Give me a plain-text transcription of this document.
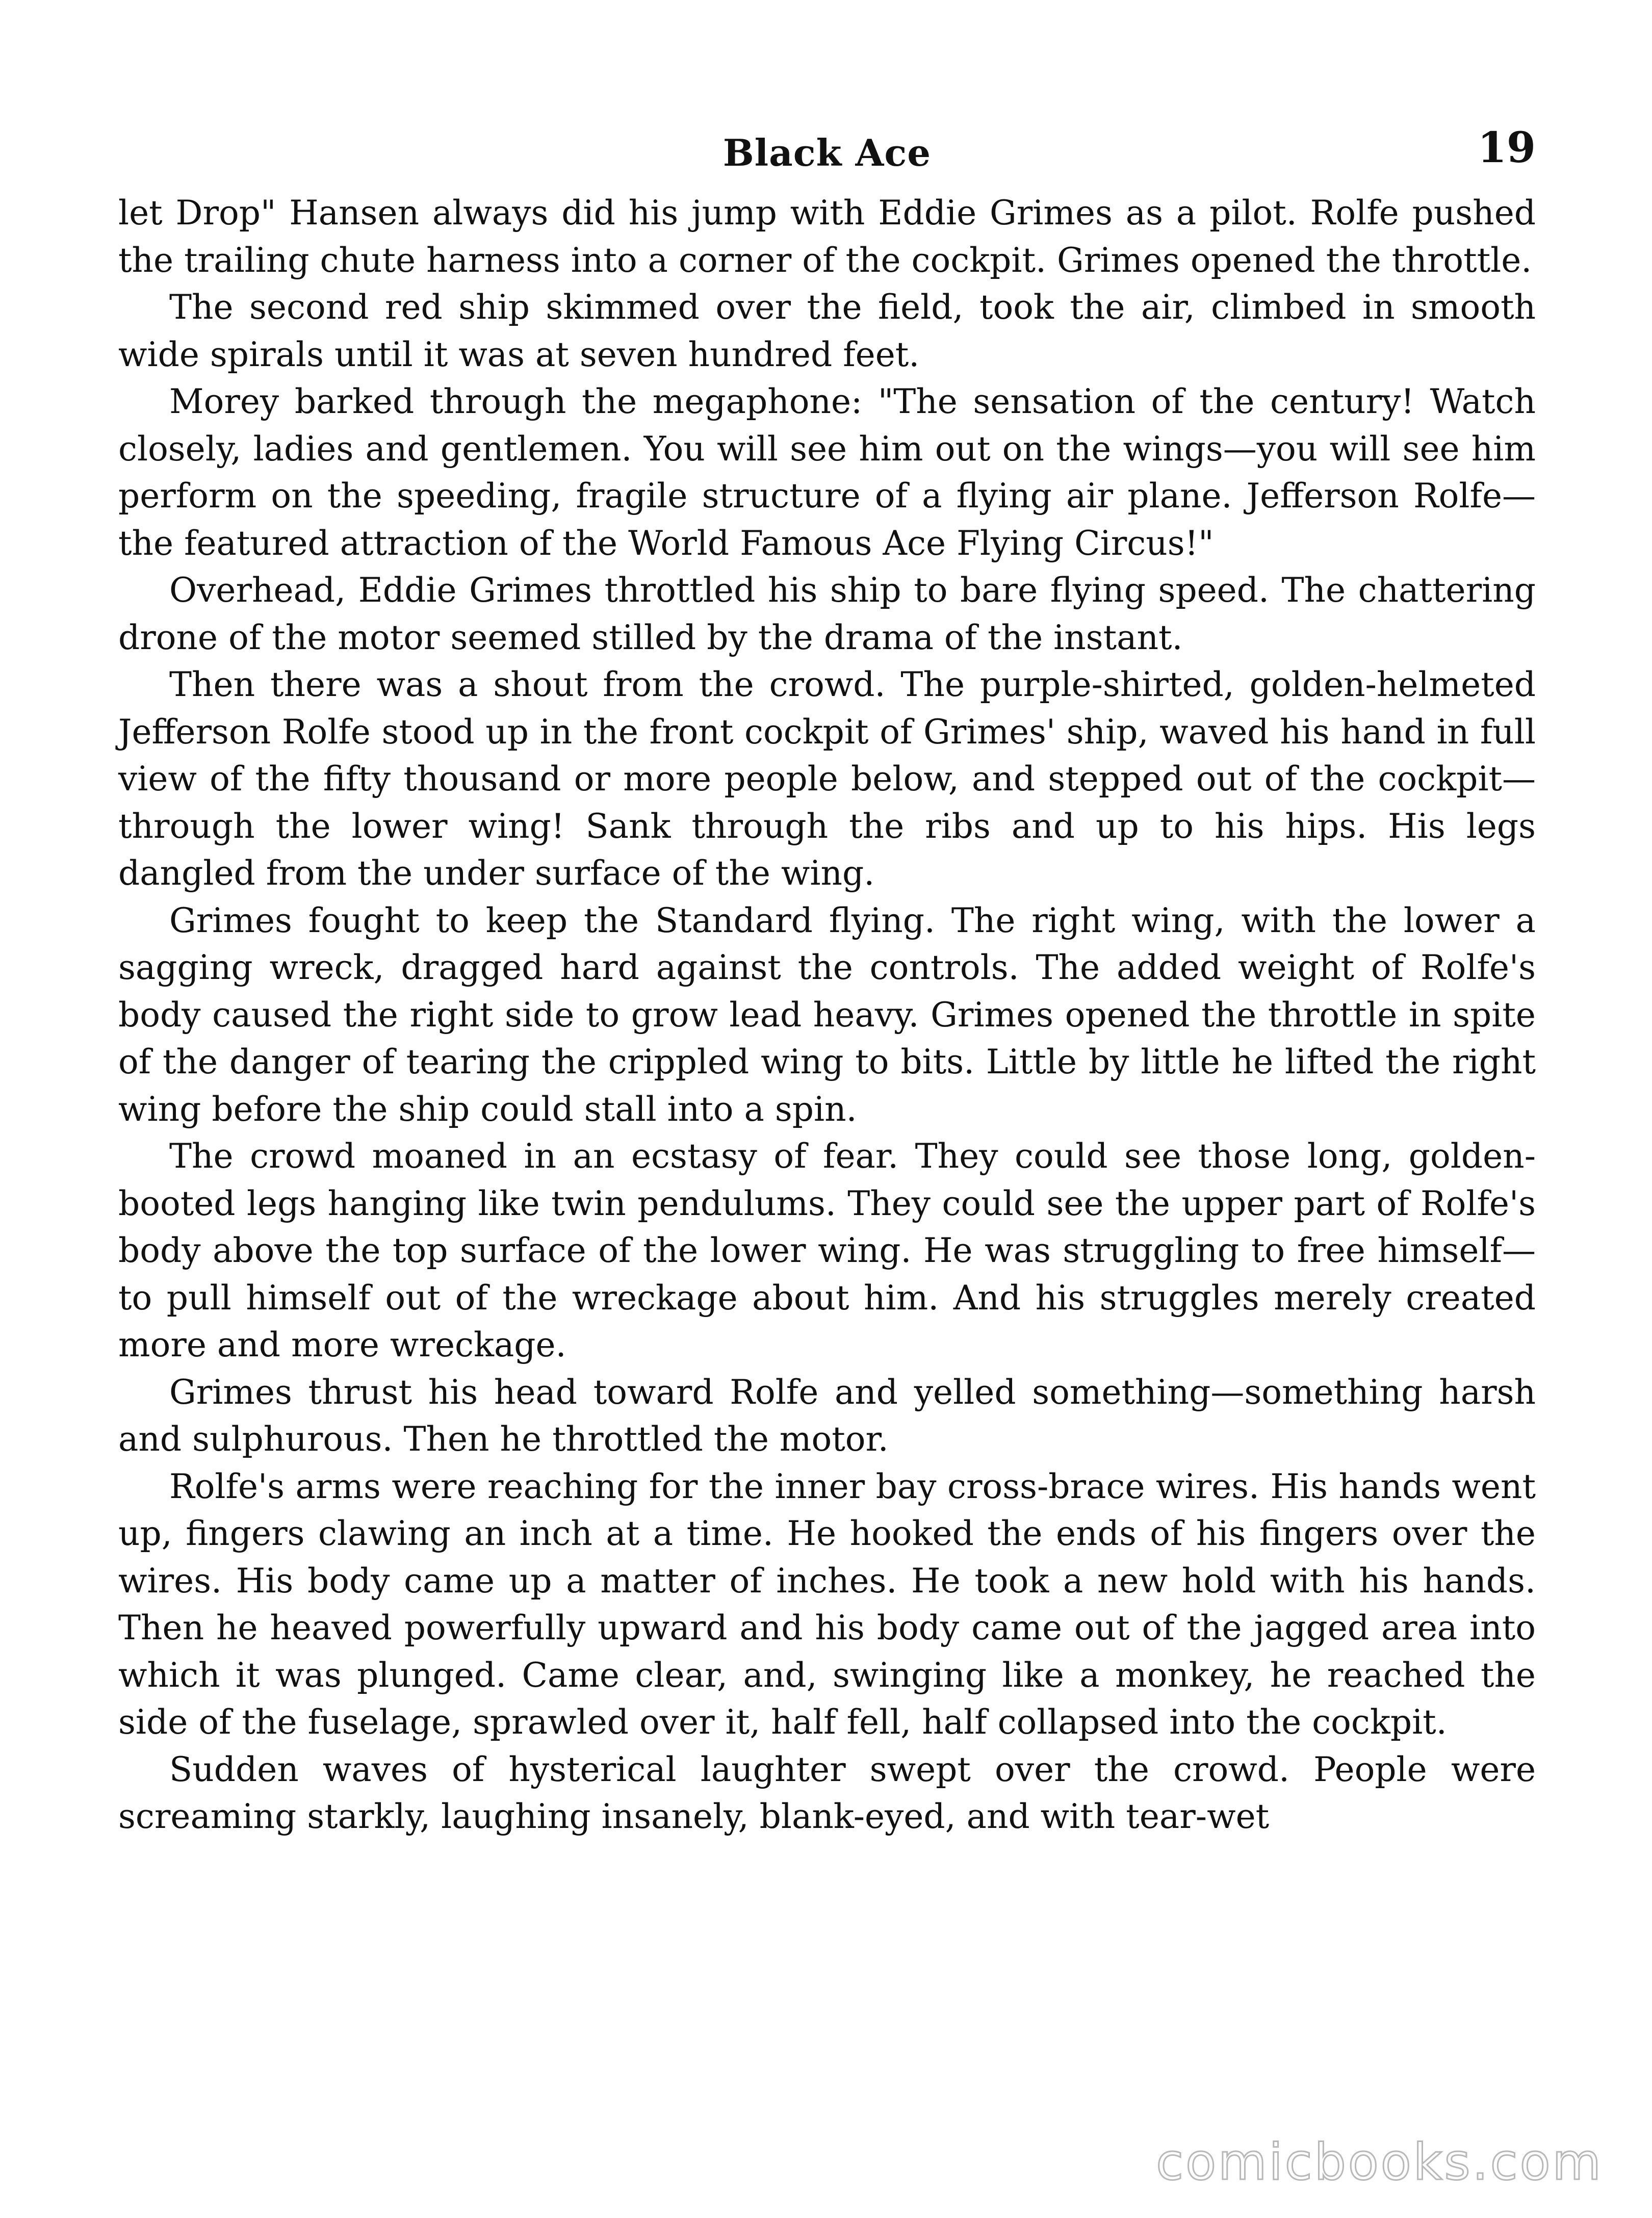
Black Ace	19

let Drop" Hansen always did his jump with Eddie Grimes as a pilot. Rolfe pushed the trailing chute harness into a corner of the cockpit. Grimes opened the throttle.

The second red ship skimmed over the field, took the air, climbed in smooth wide spirals until it was at seven hundred feet.

Morey barked through the megaphone: "The sensation of the century! Watch closely, ladies and gentlemen. You will see him out on the wings—you will see him perform on the speeding, fragile structure of a flying air plane. Jefferson Rolfe—the featured attraction of the World Famous Ace Flying Circus!"

Overhead, Eddie Grimes throttled his ship to bare flying speed. The chattering drone of the motor seemed stilled by the drama of the instant.

Then there was a shout from the crowd. The purple-shirted, golden-helmeted Jefferson Rolfe stood up in the front cockpit of Grimes' ship, waved his hand in full view of the fifty thousand or more people below, and stepped out of the cockpit—through the lower wing! Sank through the ribs and up to his hips. His legs dangled from the under surface of the wing.

Grimes fought to keep the Standard flying. The right wing, with the lower a sagging wreck, dragged hard against the controls. The added weight of Rolfe's body caused the right side to grow lead heavy. Grimes opened the throttle in spite of the danger of tearing the crippled wing to bits. Little by little he lifted the right wing before the ship could stall into a spin.

The crowd moaned in an ecstasy of fear. They could see those long, golden-booted legs hanging like twin pendulums. They could see the upper part of Rolfe's body above the top surface of the lower wing. He was struggling to free himself—to pull himself out of the wreckage about him. And his struggles merely created more and more wreckage.

Grimes thrust his head toward Rolfe and yelled something—something harsh and sulphurous. Then he throttled the motor.

Rolfe's arms were reaching for the inner bay cross-brace wires. His hands went up, fingers clawing an inch at a time. He hooked the ends of his fingers over the wires. His body came up a matter of inches. He took a new hold with his hands. Then he heaved powerfully upward and his body came out of the jagged area into which it was plunged. Came clear, and, swinging like a monkey, he reached the side of the fuselage, sprawled over it, half fell, half collapsed into the cockpit.

Sudden waves of hysterical laughter swept over the crowd. People were screaming starkly, laughing insanely, blank-eyed, and with tear-wet

comicbooks.com
